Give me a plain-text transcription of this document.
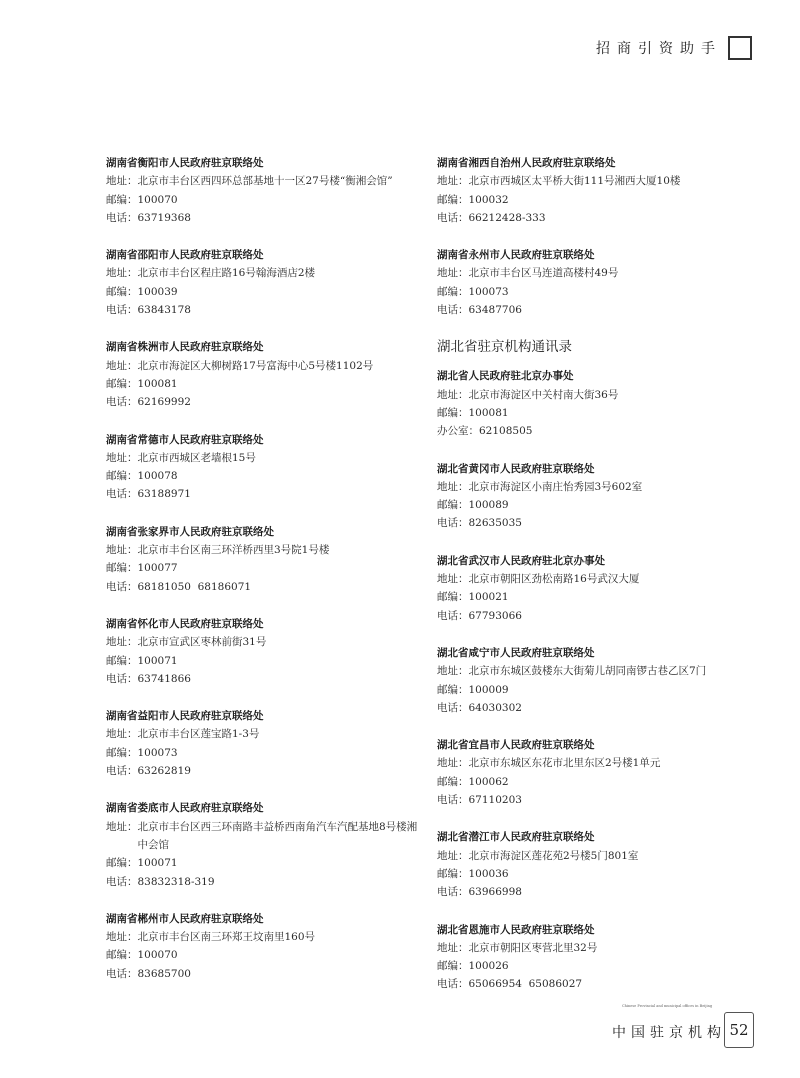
招商引资助手
湖南省衡阳市人民政府驻京联络处
地址： 北京市丰台区西四环总部基地十一区27号楼“衡湘会馆”
邮编：100070
电话：63719368
湖南省邵阳市人民政府驻京联络处
地址： 北京市丰台区程庄路16号翰海酒店2楼
邮编：100039
电话：63843178
湖南省株洲市人民政府驻京联络处
地址： 北京市海淀区大柳树路17号富海中心5号楼1102号
邮编：100081
电话：62169992
湖南省常德市人民政府驻京联络处
地址： 北京市西城区老墙根15号
邮编：100078
电话：63188971
湖南省张家界市人民政府驻京联络处
地址： 北京市丰台区南三环洋桥西里3号院1号楼
邮编：100077
电话：68181050  68186071
湖南省怀化市人民政府驻京联络处
地址： 北京市宣武区枣林前街31号
邮编：100071
电话：63741866
湖南省益阳市人民政府驻京联络处
地址： 北京市丰台区莲宝路1-3号
邮编：100073
电话：63262819
湖南省娄底市人民政府驻京联络处
地址： 北京市丰台区西三环南路丰益桥西南角汽车汽配基地8号楼湘中会馆
邮编：100071
电话：83832318-319
湖南省郴州市人民政府驻京联络处
地址： 北京市丰台区南三环郑王坟南里160号
邮编：100070
电话：83685700
湖南省湘西自治州人民政府驻京联络处
地址： 北京市西城区太平桥大街111号湘西大厦10楼
邮编：100032
电话：66212428-333
湖南省永州市人民政府驻京联络处
地址： 北京市丰台区马连道高楼村49号
邮编：100073
电话：63487706
湖北省驻京机构通讯录
湖北省人民政府驻北京办事处
地址： 北京市海淀区中关村南大街36号
邮编：100081
办公室：62108505
湖北省黄冈市人民政府驻京联络处
地址： 北京市海淀区小南庄怡秀园3号602室
邮编：100089
电话：82635035
湖北省武汉市人民政府驻北京办事处
地址： 北京市朝阳区劲松南路16号武汉大厦
邮编：100021
电话：67793066
湖北省咸宁市人民政府驻京联络处
地址： 北京市东城区鼓楼东大街菊儿胡同南锣古巷乙区7门
邮编：100009
电话：64030302
湖北省宜昌市人民政府驻京联络处
地址： 北京市东城区东花市北里东区2号楼1单元
邮编：100062
电话：67110203
湖北省潜江市人民政府驻京联络处
地址： 北京市海淀区莲花苑2号楼5门801室
邮编：100036
电话：63966998
湖北省恩施市人民政府驻京联络处
地址： 北京市朝阳区枣营北里32号
邮编：100026
电话：65066954  65086027
Chinese Provincial and municipal offices in Beijing
中国驻京机构 52
